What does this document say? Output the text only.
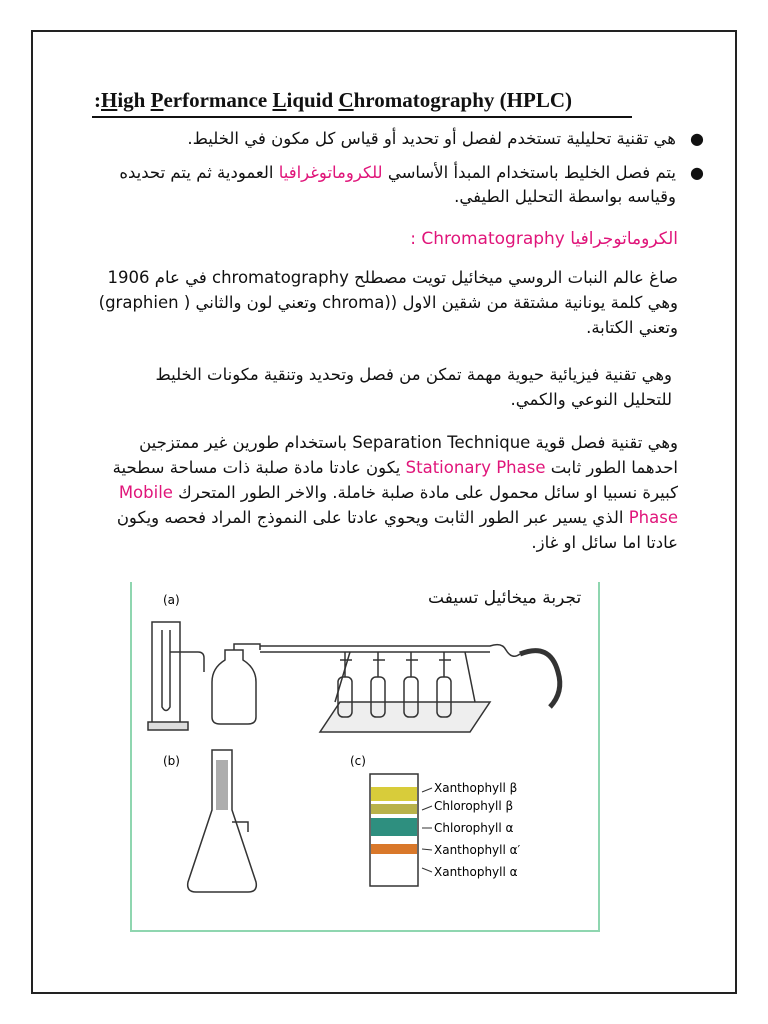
:High Performance Liquid Chromatography (HPLC)
●
هي تقنية تحليلية تستخدم لفصل أو تحديد أو قياس كل مكون في الخليط.
●
يتم فصل الخليط باستخدام المبدأ الأساسي للكروماتوغرافيا العمودية ثم يتم تحديده وقياسه بواسطة التحليل الطيفي.
الكروماتوجرافيا Chromatography :
صاغ عالم النبات الروسي ميخائيل تويت مصطلح chromatography في عام 1906 وهي كلمة يونانية مشتقة من شقين الاول ((chroma وتعني لون والثاني ( graphien) وتعني الكتابة.
وهي تقنية فيزيائية حيوية مهمة تمكن من فصل وتحديد وتنقية مكونات الخليط للتحليل النوعي والكمي.
وهي تقنية فصل قوية Separation Technique باستخدام طورين غير ممتزجين احدهما الطور ثابت Stationary Phase يكون عادتا مادة صلبة ذات مساحة سطحية كبيرة نسبيا او سائل محمول على مادة صلبة خاملة. والاخر الطور المتحرك Mobile Phase الذي يسير عبر الطور الثابت ويحوي عادتا على النموذج المراد فحصه ويكون عادتا اما سائل او غاز.
تجربة ميخائيل تسيفت
(a)
(b)	(c)
Xanthophyll β
Chlorophyll β
Chlorophyll α
Xanthophyll α′
Xanthophyll α
